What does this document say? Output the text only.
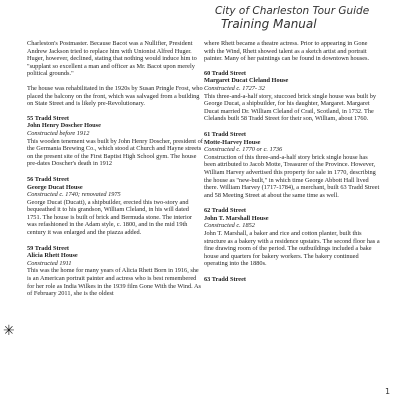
City of Charleston Tour Guide
Training Manual

Charleston's Postmaster. Because Bacot was a Nullifier, President Andrew Jackson tried to replace him with Unionist Alfred Huger. Huger, however, declined, stating that nothing would induce him to "supplant so excellent a man and officer as Mr. Bacot upon merely political grounds."

The house was rehabilitated in the 1920s by Susan Pringle Frost, who placed the balcony on the front, which was salvaged from a building on State Street and is likely pre-Revolutionary.

55 Tradd Street
John Henry Doscher House
Constructed before 1912

This wooden tenement was built by John Henry Doscher, president of the Germania Brewing Co., which stood at Church and Hayne streets on the present site of the First Baptist High School gym. The house pre-dates Doscher's death in 1912

56 Tradd Street
George Ducat House
Constructed c. 1740; renovated 1975

George Ducat (Ducatt), a shipbuilder, erected this two-story and bequeathed it to his grandson, William Cleland, in his will dated 1751. The house is built of brick and Bermuda stone. The interior was refashioned in the Adam style, c. 1800, and in the mid 19th century it was enlarged and the piazza added.

59 Tradd Street
Alicia Rhett House
Constructed 1911

This was the home for many years of Alicia Rhett Born in 1916, she is an American portrait painter and actress who is best remembered for her role as India Wilkes in the 1939 film Gone With the Wind. As of February 2011, she is the oldest

where Rhett became a theatre actress. Prior to appearing in Gone with the Wind, Rhett showed talent as a sketch artist and portrait painter. Many of her paintings can be found in downtown houses.

60 Tradd Street
Margaret Ducat Cleland House
Constructed c. 1727- 32

This three-and-a-half story, stuccoed brick single house was built by George Ducat, a shipbuilder, for his daughter, Margaret. Margaret Ducat married Dr. William Cleland of Crail, Scotland, in 1732. The Clelands built 58 Tradd Street for their son, William, about 1760.

61 Tradd Street
Motte-Harvey House
Constructed c. 1770 or c. 1736

Construction of this three-and-a-half story brick single house has been attributed to Jacob Motte, Treasurer of the Province. However, William Harvey advertised this property for sale in 1770, describing the house as "new-built," in which time George Abbott Hall lived there. William Harvey (1717-1784), a merchant, built 63 Tradd Street and 58 Meeting Street at about the same time as well.

62 Tradd Street
John T. Marshall House
Constructed c. 1852

John T. Marshall, a baker and rice and cotton planter, built this structure as a bakery with a residence upstairs. The second floor has a fine drawing room of the period. The outbuildings included a bake house and quarters for bakery workers. The bakery continued operating into the 1880s.

63 Tradd Street
✳
1
